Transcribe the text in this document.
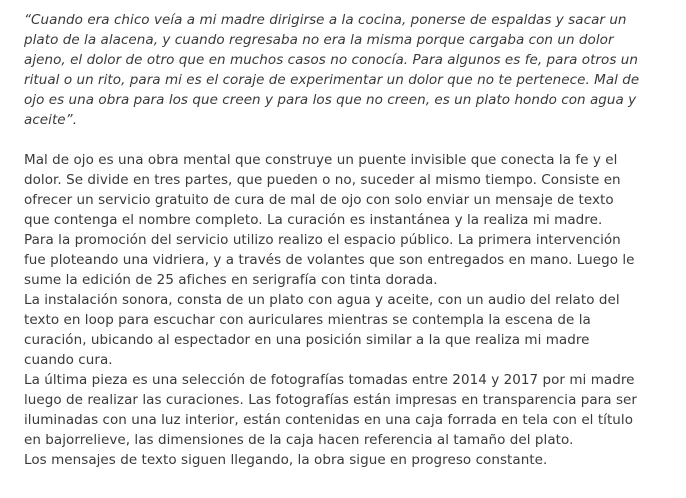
“Cuando era chico veía a mi madre dirigirse a la cocina, ponerse de espaldas y sacar un
plato de la alacena, y cuando regresaba no era la misma porque cargaba con un dolor
ajeno, el dolor de otro que en muchos casos no conocía. Para algunos es fe, para otros un
ritual o un rito, para mi es el coraje de experimentar un dolor que no te pertenece. Mal de
ojo es una obra para los que creen y para los que no creen, es un plato hondo con agua y
aceite”.

Mal de ojo es una obra mental que construye un puente invisible que conecta la fe y el
dolor. Se divide en tres partes, que pueden o no, suceder al mismo tiempo. Consiste en
ofrecer un servicio gratuito de cura de mal de ojo con solo enviar un mensaje de texto
que contenga el nombre completo. La curación es instantánea y la realiza mi madre.

Para la promoción del servicio utilizo realizo el espacio público. La primera intervención
fue ploteando una vidriera, y a través de volantes que son entregados en mano. Luego le
sume la edición de 25 afiches en serigrafía con tinta dorada.

La instalación sonora, consta de un plato con agua y aceite, con un audio del relato del
texto en loop para escuchar con auriculares mientras se contempla la escena de la
curación, ubicando al espectador en una posición similar a la que realiza mi madre
cuando cura.

La última pieza es una selección de fotografías tomadas entre 2014 y 2017 por mi madre
luego de realizar las curaciones. Las fotografías están impresas en transparencia para ser
iluminadas con una luz interior, están contenidas en una caja forrada en tela con el título
en bajorrelieve, las dimensiones de la caja hacen referencia al tamaño del plato.

Los mensajes de texto siguen llegando, la obra sigue en progreso constante.
